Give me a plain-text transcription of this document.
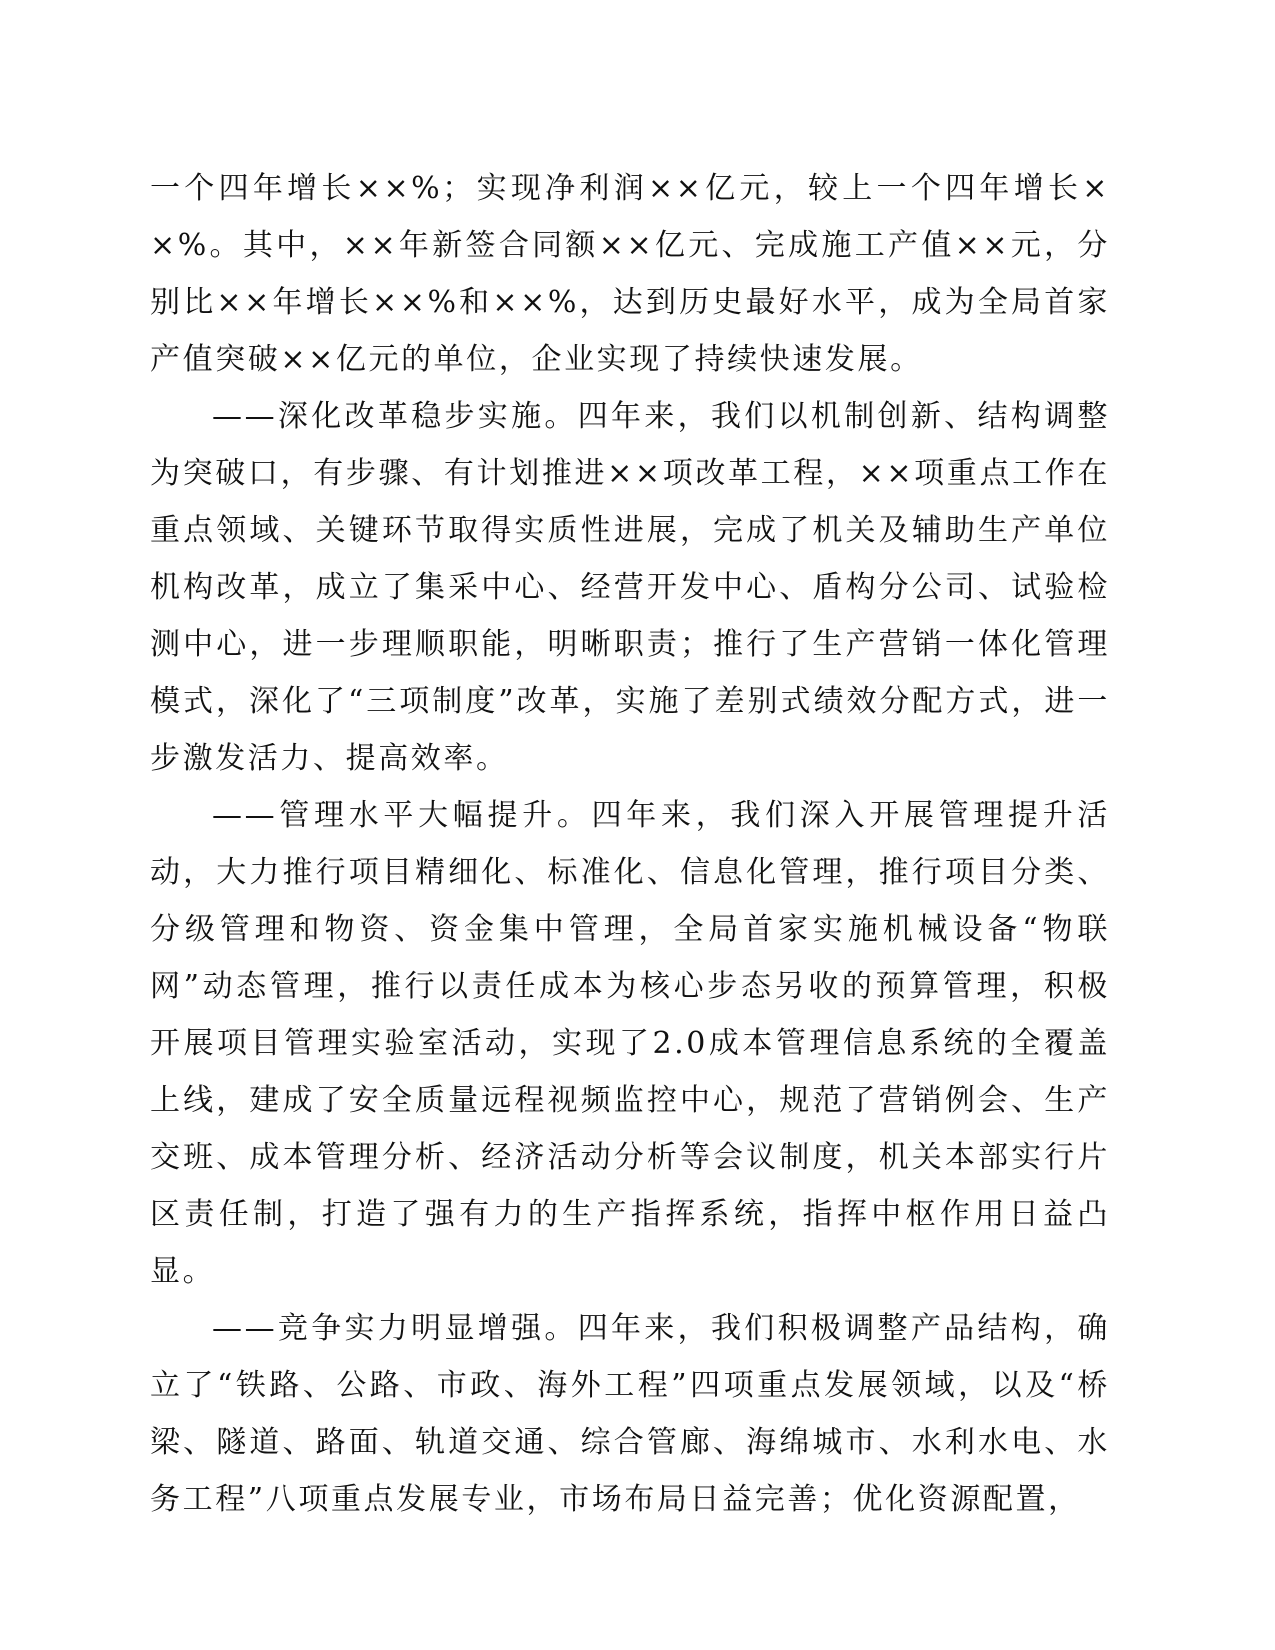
一个四年增长××%；实现净利润××亿元，较上一个四年增长××%。其中，××年新签合同额××亿元、完成施工产值××元，分别比××年增长××%和××%，达到历史最好水平，成为全局首家产值突破××亿元的单位，企业实现了持续快速发展。

——深化改革稳步实施。四年来，我们以机制创新、结构调整为突破口，有步骤、有计划推进××项改革工程，××项重点工作在重点领域、关键环节取得实质性进展，完成了机关及辅助生产单位机构改革，成立了集采中心、经营开发中心、盾构分公司、试验检测中心，进一步理顺职能，明晰职责；推行了生产营销一体化管理模式，深化了“三项制度”改革，实施了差别式绩效分配方式，进一步激发活力、提高效率。

——管理水平大幅提升。四年来，我们深入开展管理提升活动，大力推行项目精细化、标准化、信息化管理，推行项目分类、分级管理和物资、资金集中管理，全局首家实施机械设备“物联网”动态管理，推行以责任成本为核心步态另收的预算管理，积极开展项目管理实验室活动，实现了2.0成本管理信息系统的全覆盖上线，建成了安全质量远程视频监控中心，规范了营销例会、生产交班、成本管理分析、经济活动分析等会议制度，机关本部实行片区责任制，打造了强有力的生产指挥系统，指挥中枢作用日益凸显。

——竞争实力明显增强。四年来，我们积极调整产品结构，确立了“铁路、公路、市政、海外工程”四项重点发展领域，以及“桥梁、隧道、路面、轨道交通、综合管廊、海绵城市、水利水电、水务工程”八项重点发展专业，市场布局日益完善；优化资源配置，
